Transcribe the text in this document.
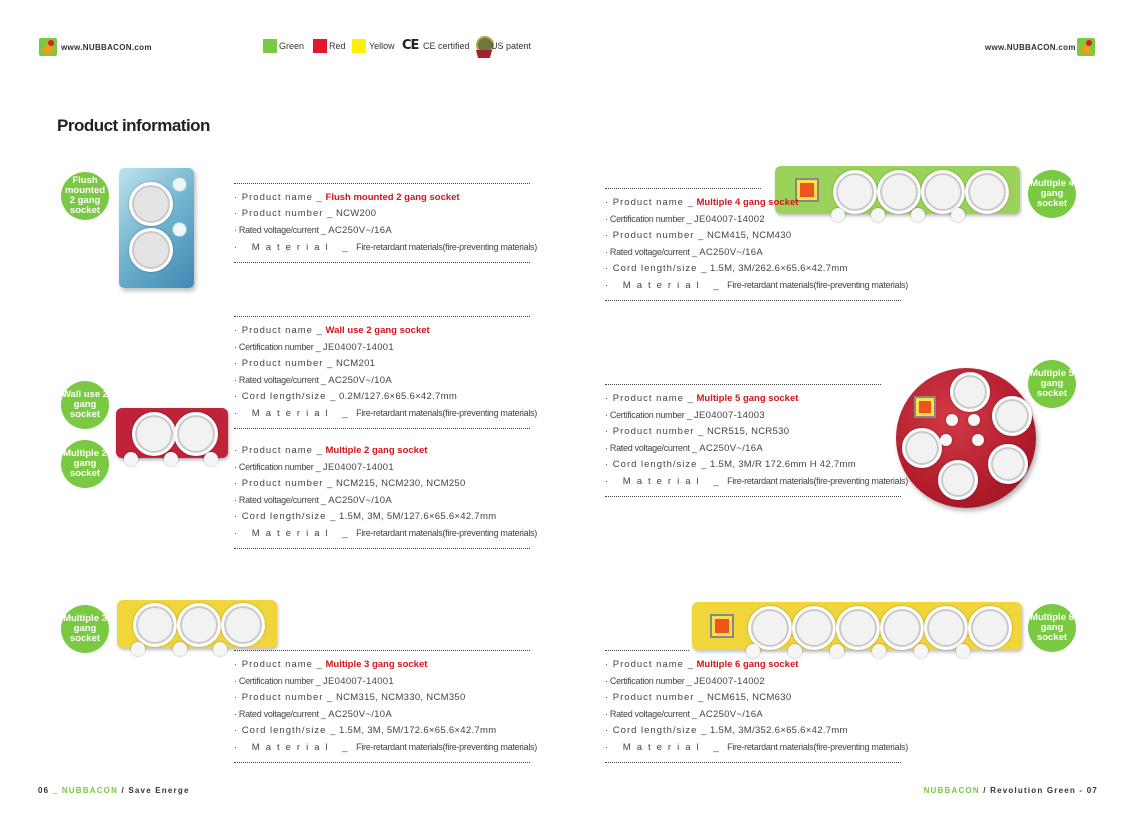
www.NUBBACON.com	Green	Red	Yellow CE CE certified US patent	www.NUBBACON.com
Product information
Flush mounted 2 gang socket
Wall use 2 gang socket
Multiple 2 gang socket
Multiple 3 gang socket
Multiple 4 gang socket
Multiple 5 gang socket
Multiple 6 gang socket
· Product name _ Flush mounted 2 gang socket
· Product number _ NCW200
· Rated voltage/current _ AC250V~/16A
· Material _ Fire-retardant materials(fire-preventing materials)
· Product name _ Wall use 2 gang socket
· Certification number _ JE04007-14001
· Product number _ NCM201
· Rated voltage/current _ AC250V~/10A
· Cord length/size _ 0.2M/127.6×65.6×42.7mm
· Material _ Fire-retardant materials(fire-preventing materials)
· Product name _ Multiple 2 gang socket
· Certification number _ JE04007-14001
· Product number _ NCM215, NCM230, NCM250
· Rated voltage/current _ AC250V~/10A
· Cord length/size _ 1.5M, 3M, 5M/127.6×65.6×42.7mm
· Material _ Fire-retardant materials(fire-preventing materials)
· Product name _ Multiple 3 gang socket
· Certification number _ JE04007-14001
· Product number _ NCM315, NCM330, NCM350
· Rated voltage/current _ AC250V~/10A
· Cord length/size _ 1.5M, 3M, 5M/172.6×65.6×42.7mm
· Material _ Fire-retardant materials(fire-preventing materials)
· Product name _ Multiple 4 gang socket
· Certification number _ JE04007-14002
· Product number _ NCM415, NCM430
· Rated voltage/current _ AC250V~/16A
· Cord length/size _ 1.5M, 3M/262.6×65.6×42.7mm
· Material _ Fire-retardant materials(fire-preventing materials)
· Product name _ Multiple 5 gang socket
· Certification number _ JE04007-14003
· Product number _ NCR515, NCR530
· Rated voltage/current _ AC250V~/16A
· Cord length/size _ 1.5M, 3M/R 172.6mm H 42.7mm
· Material _ Fire-retardant materials(fire-preventing materials)
· Product name _ Multiple 6 gang socket
· Certification number _ JE04007-14002
· Product number _ NCM615, NCM630
· Rated voltage/current _ AC250V~/16A
· Cord length/size _ 1.5M, 3M/352.6×65.6×42.7mm
· Material _ Fire-retardant materials(fire-preventing materials)
06 _ NUBBACON / Save Energe	NUBBACON / Revolution Green - 07
